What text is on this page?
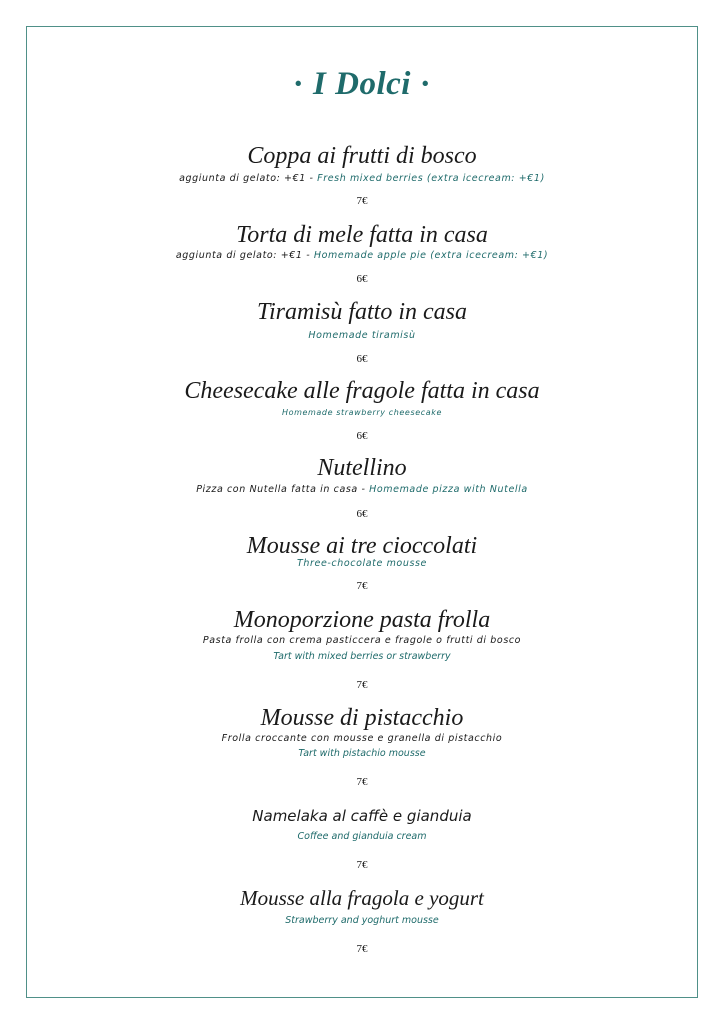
· I Dolci ·
Coppa ai frutti di bosco
aggiunta di gelato: +€1 - Fresh mixed berries (extra icecream: +€1)
7€
Torta di mele fatta in casa
aggiunta di gelato: +€1 - Homemade apple pie (extra icecream: +€1)
6€
Tiramisù fatto in casa
Homemade tiramisù
6€
Cheesecake alle fragole fatta in casa
Homemade strawberry cheesecake
6€
Nutellino
Pizza con Nutella fatta in casa - Homemade pizza with Nutella
6€
Mousse ai tre cioccolati
Three-chocolate mousse
7€
Monoporzione pasta frolla
Pasta frolla con crema pasticcera e fragole o frutti di bosco
Tart with mixed berries or strawberry
7€
Mousse di pistacchio
Frolla croccante con mousse e granella di pistacchio
Tart with pistachio mousse
7€
Namelaka al caffè e gianduia
Coffee and gianduia cream
7€
Mousse alla fragola e yogurt
Strawberry and yoghurt mousse
7€
